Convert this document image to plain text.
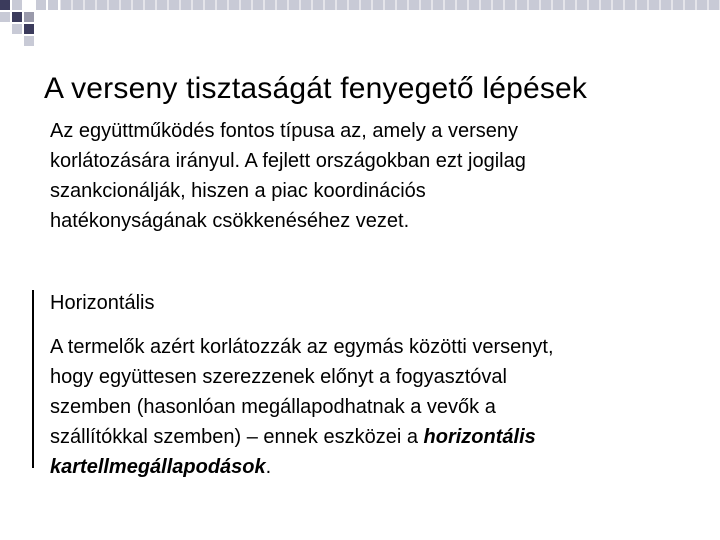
A verseny tisztaságát fenyegető lépések
Az együttműködés fontos típusa az, amely a verseny
korlátozására irányul. A fejlett országokban ezt jogilag
szankcionálják, hiszen a piac koordinációs
hatékonyságának csökkenéséhez vezet.
Horizontális
A termelők azért korlátozzák az egymás közötti versenyt,
hogy együttesen szerezzenek előnyt a fogyasztóval
szemben (hasonlóan megállapodhatnak a vevők a
szállítókkal szemben) – ennek eszközei a horizontális
kartellmegállapodások.
